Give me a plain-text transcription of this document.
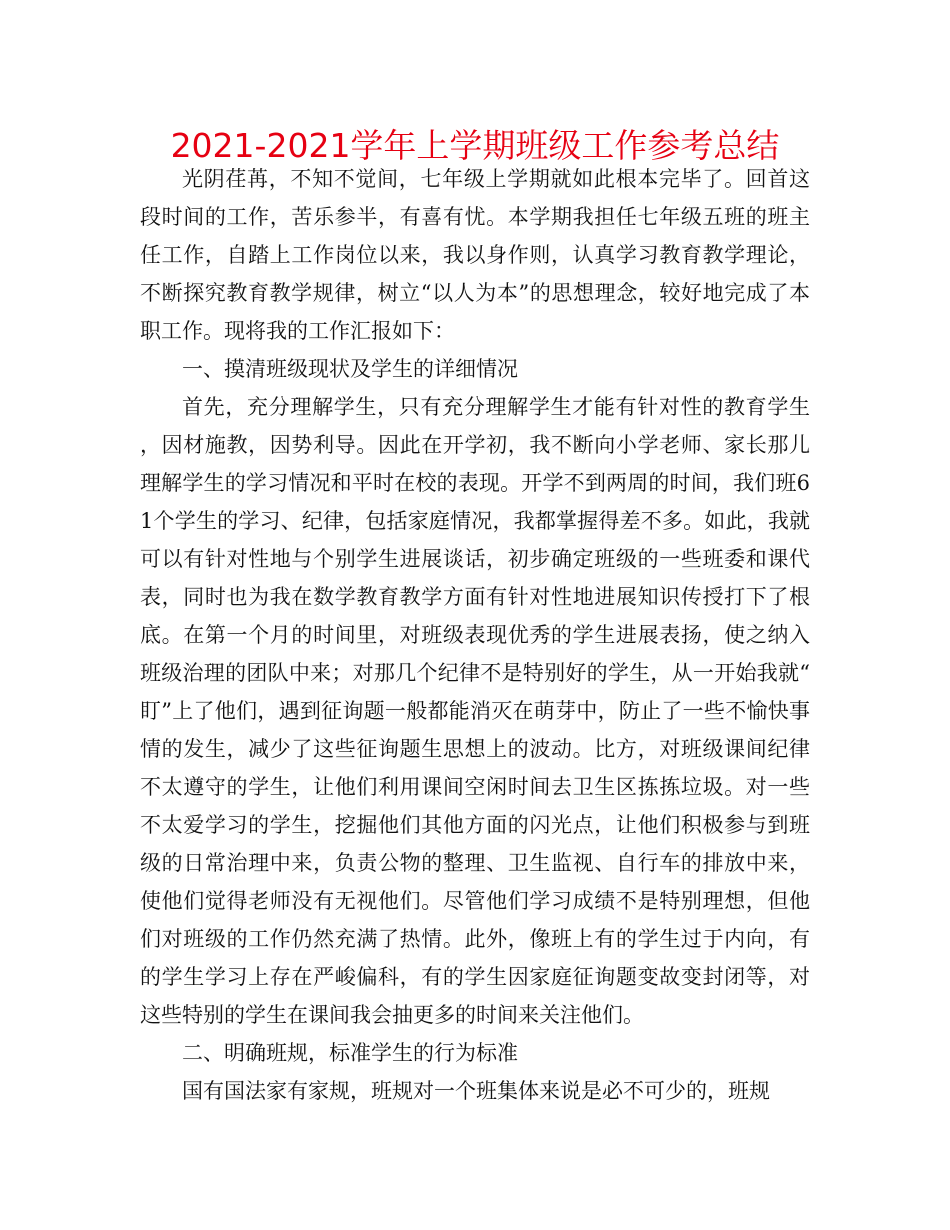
2021-2021学年上学期班级工作参考总结

光阴荏苒，不知不觉间，七年级上学期就如此根本完毕了。回首这段时间的工作，苦乐参半，有喜有忧。本学期我担任七年级五班的班主任工作，自踏上工作岗位以来，我以身作则，认真学习教育教学理论，不断探究教育教学规律，树立“以人为本”的思想理念，较好地完成了本职工作。现将我的工作汇报如下：

一、摸清班级现状及学生的详细情况

首先，充分理解学生，只有充分理解学生才能有针对性的教育学生，因材施教，因势利导。因此在开学初，我不断向小学老师、家长那儿理解学生的学习情况和平时在校的表现。开学不到两周的时间，我们班61个学生的学习、纪律，包括家庭情况，我都掌握得差不多。如此，我就可以有针对性地与个别学生进展谈话，初步确定班级的一些班委和课代表，同时也为我在数学教育教学方面有针对性地进展知识传授打下了根底。在第一个月的时间里，对班级表现优秀的学生进展表扬，使之纳入班级治理的团队中来；对那几个纪律不是特别好的学生，从一开始我就“盯”上了他们，遇到征询题一般都能消灭在萌芽中，防止了一些不愉快事情的发生，减少了这些征询题生思想上的波动。比方，对班级课间纪律不太遵守的学生，让他们利用课间空闲时间去卫生区拣拣垃圾。对一些不太爱学习的学生，挖掘他们其他方面的闪光点，让他们积极参与到班级的日常治理中来，负责公物的整理、卫生监视、自行车的排放中来，使他们觉得老师没有无视他们。尽管他们学习成绩不是特别理想，但他们对班级的工作仍然充满了热情。此外，像班上有的学生过于内向，有的学生学习上存在严峻偏科，有的学生因家庭征询题变故变封闭等，对这些特别的学生在课间我会抽更多的时间来关注他们。

二、明确班规，标准学生的行为标准

国有国法家有家规，班规对一个班集体来说是必不可少的，班规
